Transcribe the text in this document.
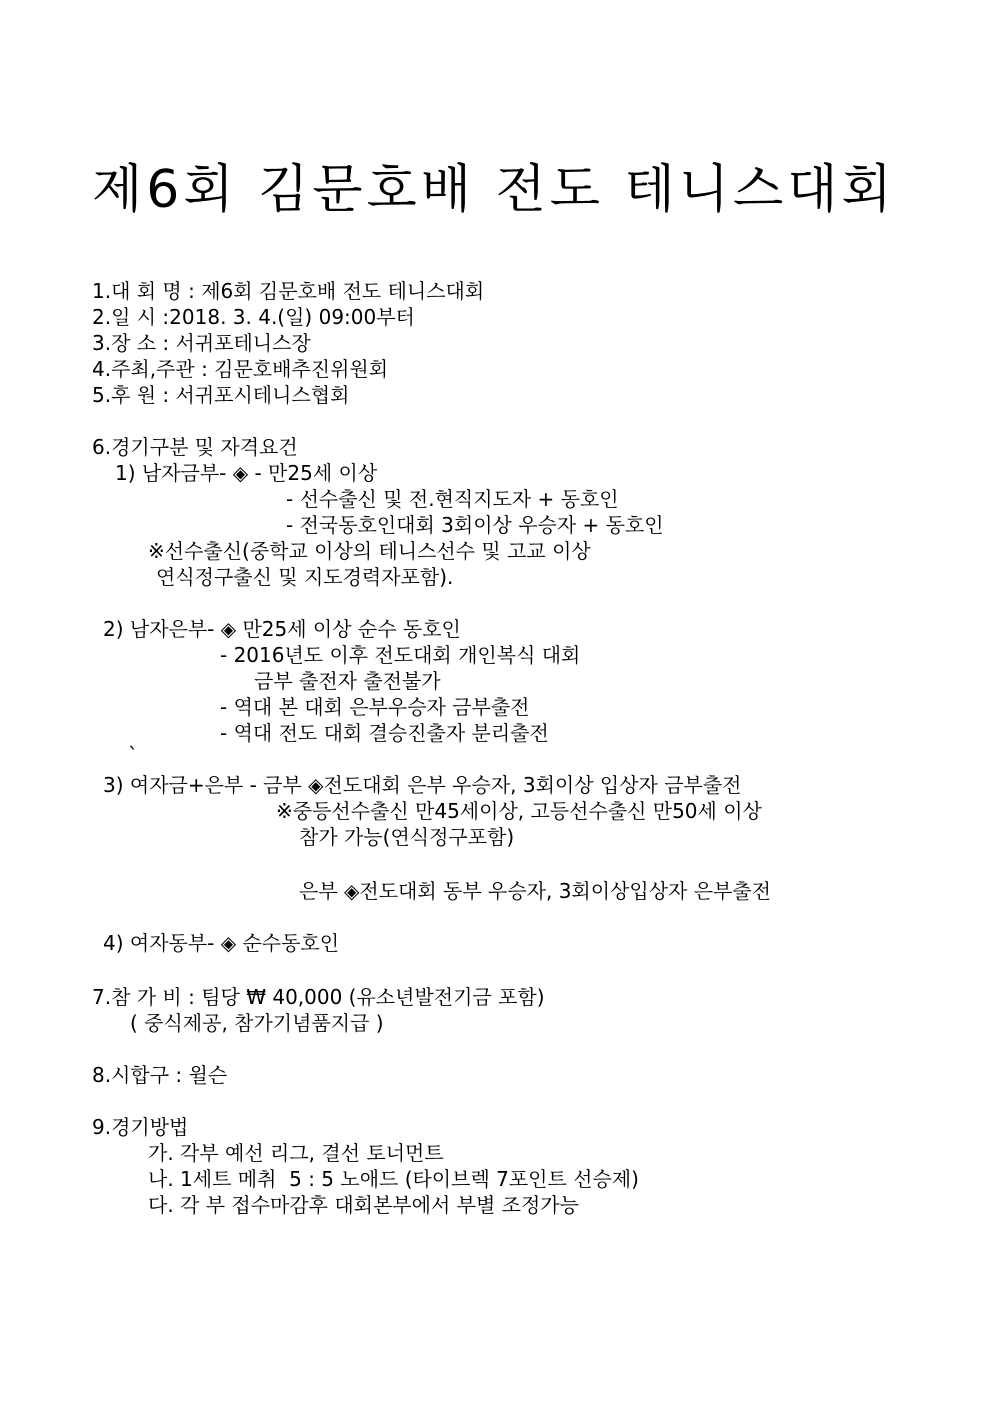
제6회 김문호배 전도 테니스대회
1.대 회 명 : 제6회 김문호배 전도 테니스대회
2.일 시 :2018. 3. 4.(일) 09:00부터
3.장 소 : 서귀포테니스장
4.주최,주관 : 김문호배추진위원회
5.후 원 : 서귀포시테니스협회
6.경기구분 및 자격요건
1) 남자금부- ◈ - 만25세 이상
- 선수출신 및 전.현직지도자 + 동호인
- 전국동호인대회 3회이상 우승자 + 동호인
※선수출신(중학교 이상의 테니스선수 및 고교 이상
연식정구출신 및 지도경력자포함).
2) 남자은부- ◈ 만25세 이상 순수 동호인
- 2016년도 이후 전도대회 개인복식 대회
금부 출전자 출전불가
- 역대 본 대회 은부우승자 금부출전
- 역대 전도 대회 결승진출자 분리출전
`
3) 여자금+은부 - 금부 ◈전도대회 은부 우승자, 3회이상 입상자 금부출전
※중등선수출신 만45세이상, 고등선수출신 만50세 이상
참가 가능(연식정구포함)
은부 ◈전도대회 동부 우승자, 3회이상입상자 은부출전
4) 여자동부- ◈ 순수동호인
7.참 가 비 : 팀당 ₩ 40,000 (유소년발전기금 포함)
( 중식제공, 참가기념품지급 )
8.시합구 : 윌슨
9.경기방법
가. 각부 예선 리그, 결선 토너먼트
나. 1세트 메취  5 : 5 노애드 (타이브렉 7포인트 선승제)
다. 각 부 접수마감후 대회본부에서 부별 조정가능
